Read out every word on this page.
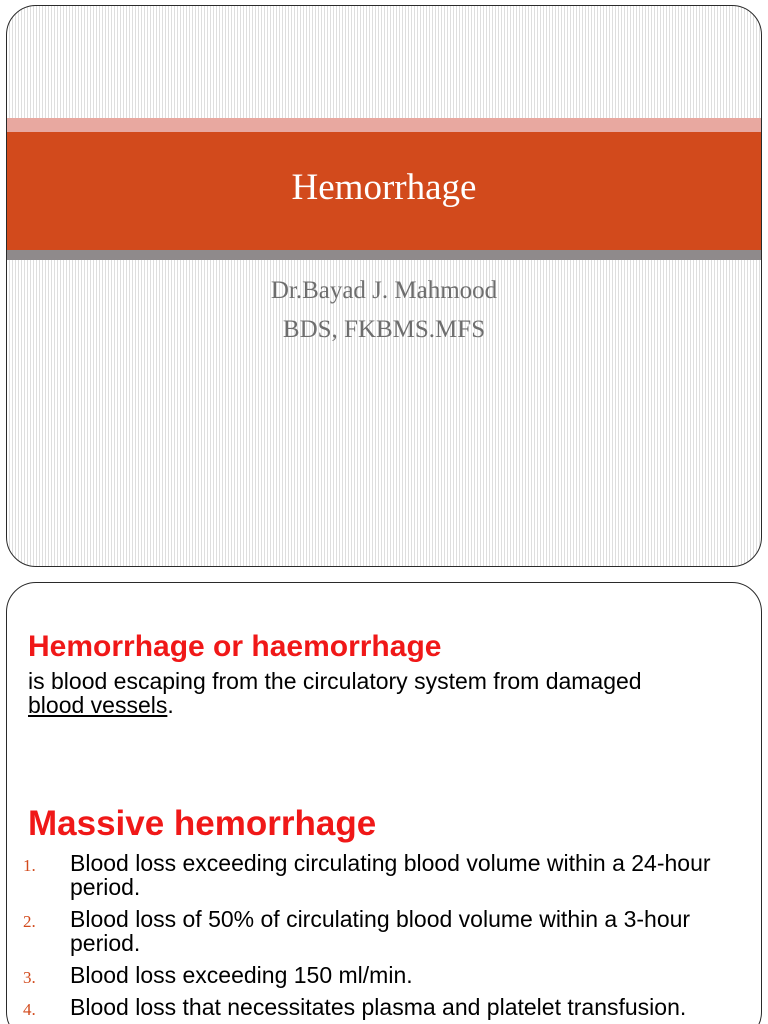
Hemorrhage
Dr.Bayad J. Mahmood
BDS, FKBMS.MFS
Hemorrhage or haemorrhage

is blood escaping from the circulatory system from damaged blood vessels.

Massive hemorrhage
1. Blood loss exceeding circulating blood volume within a 24-hour period.
2. Blood loss of 50% of circulating blood volume within a 3-hour period.
3. Blood loss exceeding 150 ml/min.
4. Blood loss that necessitates plasma and platelet transfusion.
